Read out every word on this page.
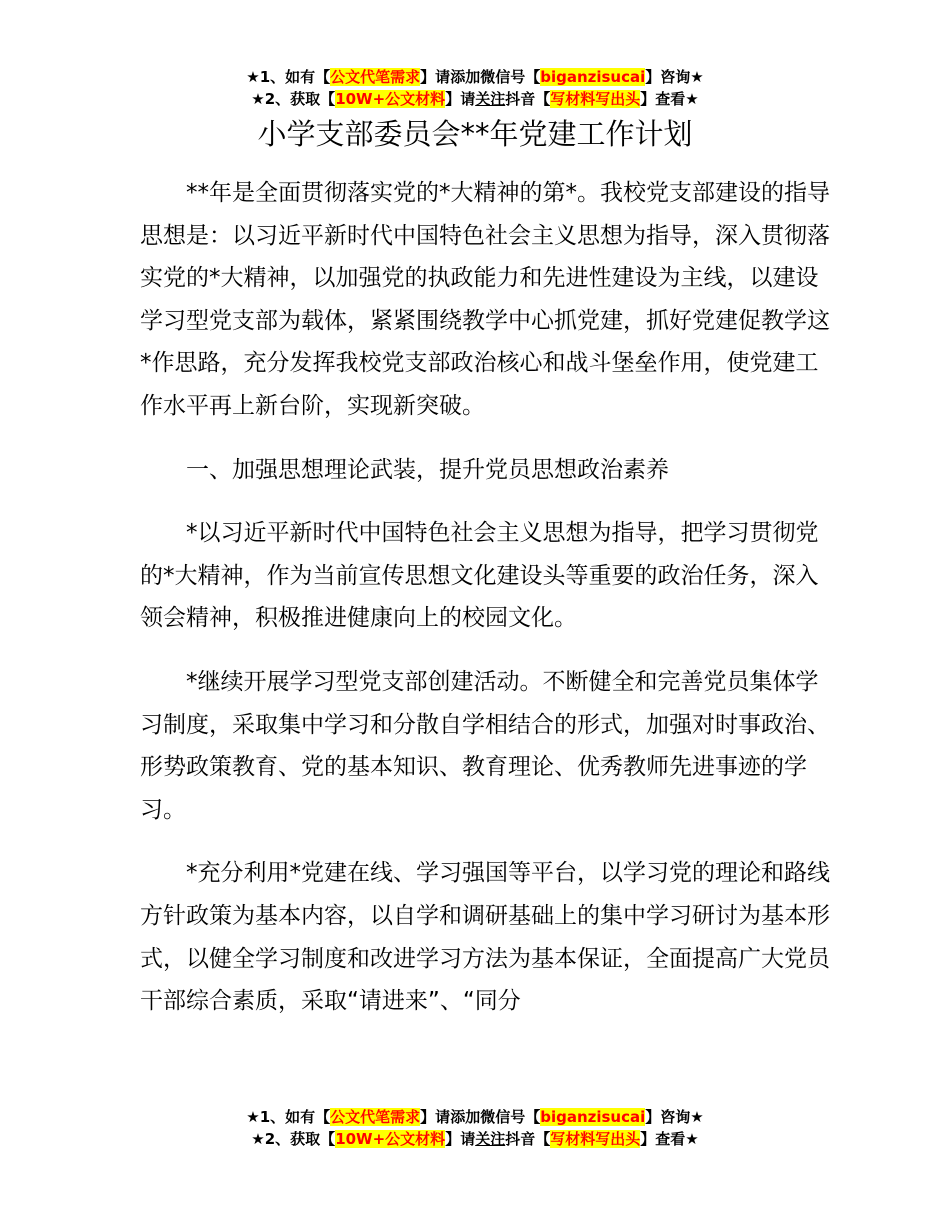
★1、如有【公文代笔需求】请添加微信号【biganzisucai】咨询★
★2、获取【10W+公文材料】请关注抖音【写材料写出头】查看★
小学支部委员会**年党建工作计划

**年是全面贯彻落实党的*大精神的第*。我校党支部建设的指导思想是：以习近平新时代中国特色社会主义思想为指导，深入贯彻落实党的*大精神，以加强党的执政能力和先进性建设为主线，以建设学习型党支部为载体，紧紧围绕教学中心抓党建，抓好党建促教学这*作思路，充分发挥我校党支部政治核心和战斗堡垒作用，使党建工作水平再上新台阶，实现新突破。

一、加强思想理论武装，提升党员思想政治素养

*以习近平新时代中国特色社会主义思想为指导，把学习贯彻党的*大精神，作为当前宣传思想文化建设头等重要的政治任务，深入领会精神，积极推进健康向上的校园文化。

*继续开展学习型党支部创建活动。不断健全和完善党员集体学习制度，采取集中学习和分散自学相结合的形式，加强对时事政治、形势政策教育、党的基本知识、教育理论、优秀教师先进事迹的学习。

*充分利用*党建在线、学习强国等平台，以学习党的理论和路线方针政策为基本内容，以自学和调研基础上的集中学习研讨为基本形式，以健全学习制度和改进学习方法为基本保证，全面提高广大党员干部综合素质，采取“请进来”、“同分

★1、如有【公文代笔需求】请添加微信号【biganzisucai】咨询★
★2、获取【10W+公文材料】请关注抖音【写材料写出头】查看★
